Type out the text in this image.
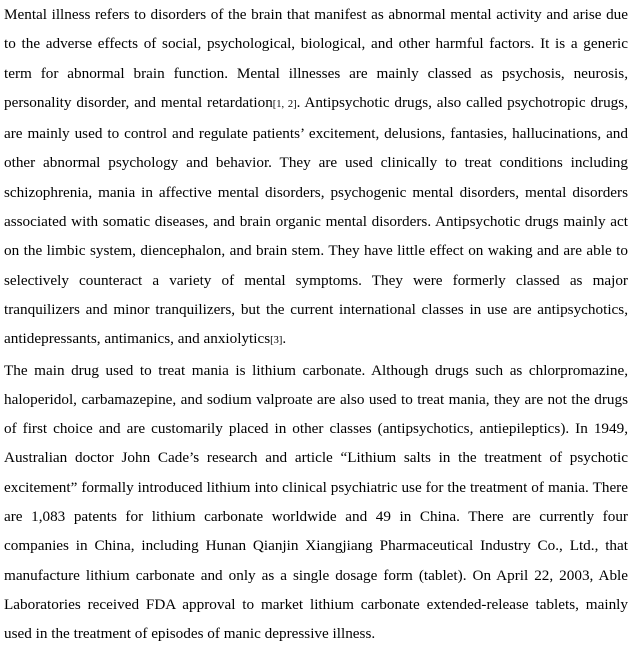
Mental illness refers to disorders of the brain that manifest as abnormal mental activity and arise due to the adverse effects of social, psychological, biological, and other harmful factors. It is a generic term for abnormal brain function. Mental illnesses are mainly classed as psychosis, neurosis, personality disorder, and mental retardation[1, 2]. Antipsychotic drugs, also called psychotropic drugs, are mainly used to control and regulate patients’ excitement, delusions, fantasies, hallucinations, and other abnormal psychology and behavior. They are used clinically to treat conditions including schizophrenia, mania in affective mental disorders, psychogenic mental disorders, mental disorders associated with somatic diseases, and brain organic mental disorders. Antipsychotic drugs mainly act on the limbic system, diencephalon, and brain stem. They have little effect on waking and are able to selectively counteract a variety of mental symptoms. They were formerly classed as major tranquilizers and minor tranquilizers, but the current international classes in use are antipsychotics, antidepressants, antimanics, and anxiolytics[3].

The main drug used to treat mania is lithium carbonate. Although drugs such as chlorpromazine, haloperidol, carbamazepine, and sodium valproate are also used to treat mania, they are not the drugs of first choice and are customarily placed in other classes (antipsychotics, antiepileptics). In 1949, Australian doctor John Cade’s research and article “Lithium salts in the treatment of psychotic excitement” formally introduced lithium into clinical psychiatric use for the treatment of mania. There are 1,083 patents for lithium carbonate worldwide and 49 in China. There are currently four companies in China, including Hunan Qianjin Xiangjiang Pharmaceutical Industry Co., Ltd., that manufacture lithium carbonate and only as a single dosage form (tablet). On April 22, 2003, Able Laboratories received FDA approval to market lithium carbonate extended-release tablets, mainly used in the treatment of episodes of manic depressive illness.
